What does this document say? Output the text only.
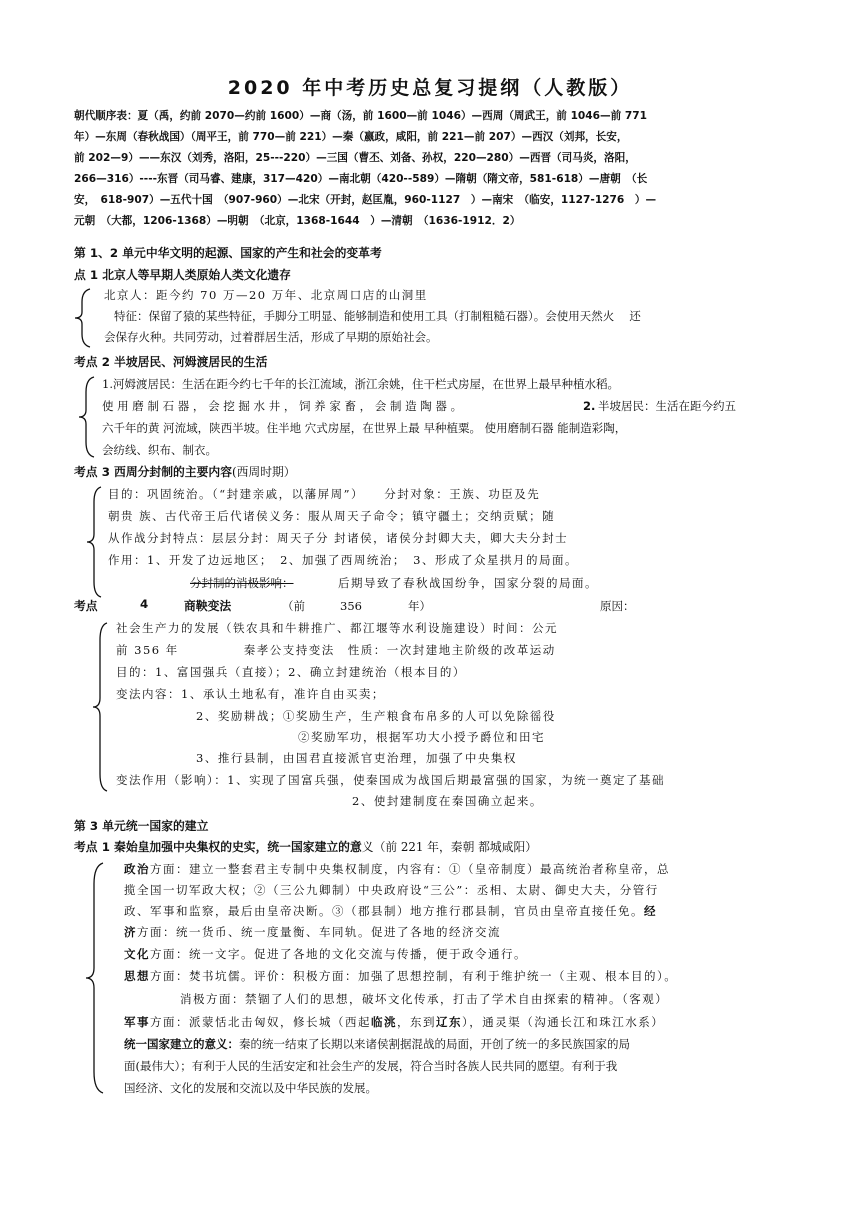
2020 年中考历史总复习提纲（人教版）
朝代顺序表：夏（禹，约前 2070—约前 1600）—商（汤，前 1600—前 1046）—西周（周武王，前 1046—前 771
年）—东周（春秋战国）（周平王，前 770—前 221）—秦（嬴政，咸阳，前 221—前 207）—西汉（刘邦，长安，
前 202—9）——东汉（刘秀，洛阳，25---220）—三国（曹丕、刘备、孙权，220—280）—西晋（司马炎，洛阳，
266—316）----东晋（司马睿、建康，317—420）—南北朝（420--589）—隋朝（隋文帝，581-618）—唐朝　（长
安，　618-907）—五代十国　（907-960）—北宋（开封，赵匡胤，960-1127　）—南宋　（临安，1127-1276　）—
元朝　（大都，1206-1368）—明朝　（北京，1368-1644　）—清朝　（1636-1912．2）
第 1、2 单元中华文明的起源、国家的产生和社会的变革考
点 1 北京人等早期人类原始人类文化遗存
北京人：距今约 70 万—20 万年、北京周口店的山洞里
特征：保留了猿的某些特征，手脚分工明显、能够制造和使用工具（打制粗糙石器）。会使用天然火　 还
会保存火种。共同劳动，过着群居生活，形成了早期的原始社会。
考点 2 半坡居民、河姆渡居民的生活
1.河姆渡居民：生活在距今约七千年的长江流域，浙江余姚，住干栏式房屋，在世界上最早种植水稻。
使 用 磨 制 石 器 ， 会 挖 掘 水 井 ， 饲 养 家 畜 ， 会 制 造 陶 器 。	2. 半坡居民：生活在距今约五
六千年的黄 河流域，陕西半坡。住半地 穴式房屋，在世界上最 早种植粟。 使用磨制石器 能制造彩陶，
会纺线、织布、制衣。
考点 3 西周分封制的主要内容(西周时期）
目的：巩固统治。（“封建亲戚，以藩屏周”）　　分封对象：王族、功臣及先
朝贵 族、古代帝王后代诸侯义务：服从周天子命令；镇守疆土；交纳贡赋；随
从作战分封特点：层层分封：周天子分 封诸侯，诸侯分封卿大夫，卿大夫分封士
作用：1、开发了边远地区；　2、加强了西周统治；　3、形成了众星拱月的局面。
分封制的消极影响：	后期导致了春秋战国纷争，国家分裂的局面。
考点	4	商鞅变法	（前	356	年）	原因：
社会生产力的发展（铁农具和牛耕推广、都江堰等水利设施建设）时间：公元
前 356 年　　　　　秦孝公支持变法　性质：一次封建地主阶级的改革运动
目的：1、富国强兵（直接）；2、确立封建统治（根本目的）
变法内容：1、承认土地私有，准许自由买卖；
2、奖励耕战；①奖励生产，生产粮食布帛多的人可以免除徭役
②奖励军功，根据军功大小授予爵位和田宅
3、推行县制，由国君直接派官吏治理，加强了中央集权
变法作用（影响）：1、实现了国富兵强，使秦国成为战国后期最富强的国家，为统一奠定了基础
2、使封建制度在秦国确立起来。
第 3 单元统一国家的建立
考点 1 秦始皇加强中央集权的史实，统一国家建立的意义（前 221 年，秦朝 都城咸阳）
政治方面：建立一整套君主专制中央集权制度，内容有：①（皇帝制度）最高统治者称皇帝，总
揽全国一切军政大权；②（三公九卿制）中央政府设“三公”：丞相、太尉、御史大夫，分管行
政、军事和监察，最后由皇帝决断。③（郡县制）地方推行郡县制，官员由皇帝直接任免。经
济方面：统一货币、统一度量衡、车同轨。促进了各地的经济交流
文化方面：统一文字。促进了各地的文化交流与传播，便于政令通行。
思想方面：焚书坑儒。评价：积极方面：加强了思想控制，有利于维护统一（主观、根本目的）。
消极方面：禁锢了人们的思想，破坏文化传承，打击了学术自由探索的精神。（客观）
军事方面：派蒙恬北击匈奴，修长城（西起临洮，东到辽东），通灵渠（沟通长江和珠江水系）
统一国家建立的意义：秦的统一结束了长期以来诸侯割据混战的局面，开创了统一的多民族国家的局
面(最伟大）；有利于人民的生活安定和社会生产的发展，符合当时各族人民共同的愿望。有利于我
国经济、文化的发展和交流以及中华民族的发展。
